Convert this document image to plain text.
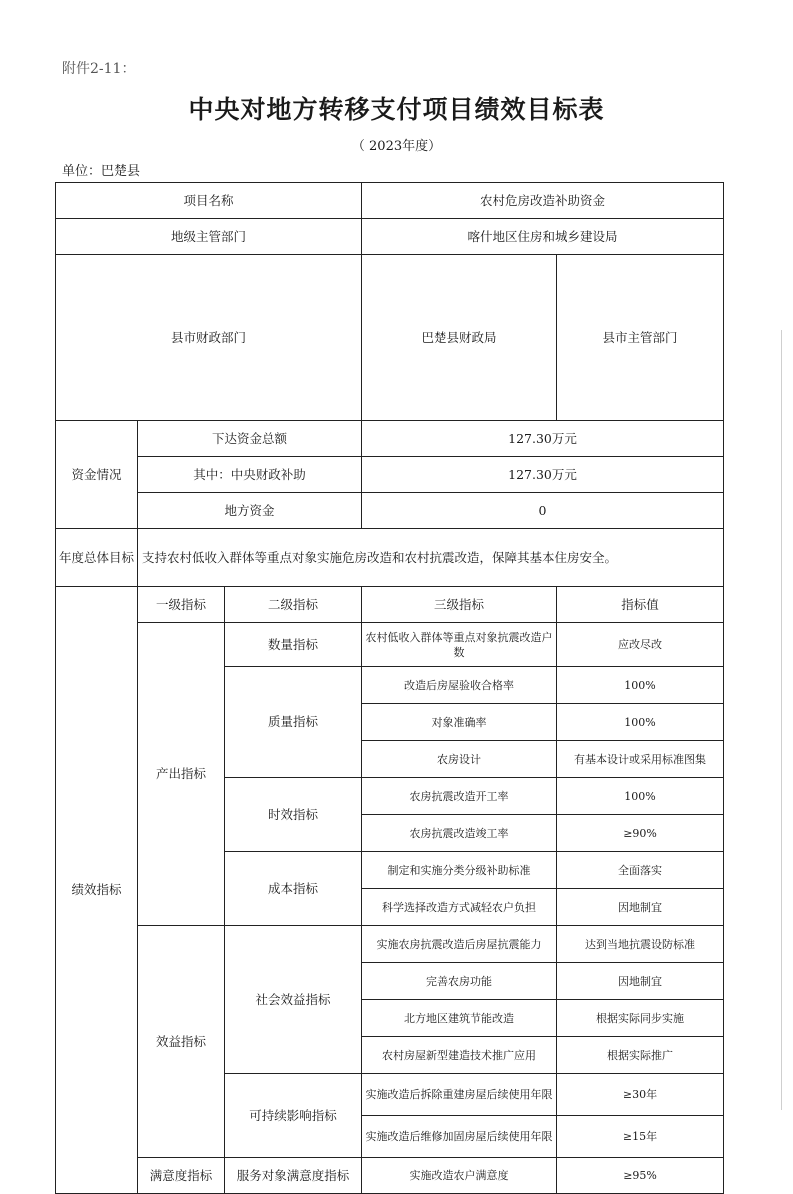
附件2-11：
中央对地方转移支付项目绩效目标表
（ 2023年度）
单位：巴楚县
项目名称			农村危房改造补助资金		
地级主管部门			喀什地区住房和城乡建设局		
县市财政部门			巴楚县财政局	县市主管部门	
资金情况	下达资金总额		127.30万元		
	其中：中央财政补助		127.30万元		
	地方资金		0		
年度总体目标	支持农村低收入群体等重点对象实施危房改造和农村抗震改造，保障其基本住房安全。				
绩效指标	一级指标	二级指标	三级指标	指标值	
	产出指标	数量指标	农村低收入群体等重点对象抗震改造户数	应改尽改	
		质量指标	改造后房屋验收合格率	100%	
			对象准确率	100%	
			农房设计	有基本设计或采用标准图集	
		时效指标	农房抗震改造开工率	100%	
			农房抗震改造竣工率	≥90%	
		成本指标	制定和实施分类分级补助标准	全面落实	
			科学选择改造方式减轻农户负担	因地制宜	
	效益指标	社会效益指标	实施农房抗震改造后房屋抗震能力	达到当地抗震设防标准	
			完善农房功能	因地制宜	
			北方地区建筑节能改造	根据实际同步实施	
			农村房屋新型建造技术推广应用	根据实际推广	
		可持续影响指标	实施改造后拆除重建房屋后续使用年限	≥30年	
			实施改造后维修加固房屋后续使用年限	≥15年	
	满意度指标	服务对象满意度指标	实施改造农户满意度	≥95%	
